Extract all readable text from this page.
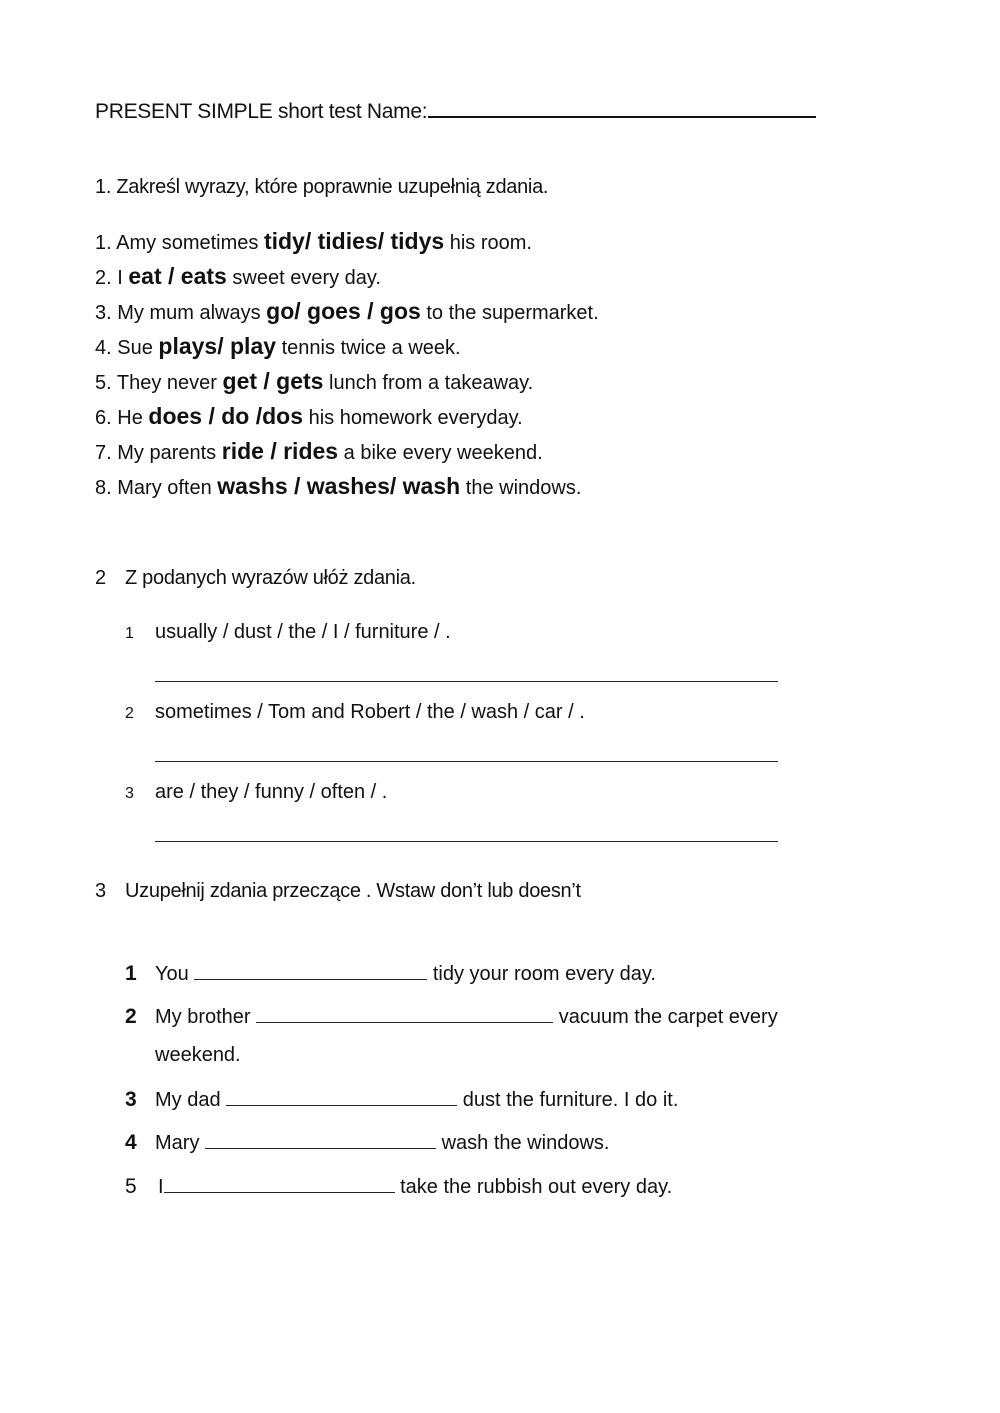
PRESENT SIMPLE short test Name:
1. Zakreśl wyrazy, które poprawnie uzupełnią zdania.
1. Amy sometimes tidy/ tidies/ tidys his room.
2. I eat / eats sweet every day.
3. My mum always go/ goes / gos to the supermarket.
4. Sue plays/ play tennis twice a week.
5. They never get / gets lunch from a takeaway.
6. He does / do /dos his homework everyday.
7. My parents ride / rides a bike every weekend.
8. Mary often washs / washes/ wash the windows.
2 Z podanych wyrazów ułóż zdania.
1 usually / dust / the / I / furniture / .
2 sometimes / Tom and Robert / the / wash / car / .
3 are / they / funny / often / .
3 Uzupełnij zdania przeczące . Wstaw don’t lub doesn’t
1 You	tidy your room every day.
2 My brother	vacuum the carpet every
weekend.
3 My dad	dust the furniture. I do it.
4 Mary	wash the windows.
5 I	take the rubbish out every day.
